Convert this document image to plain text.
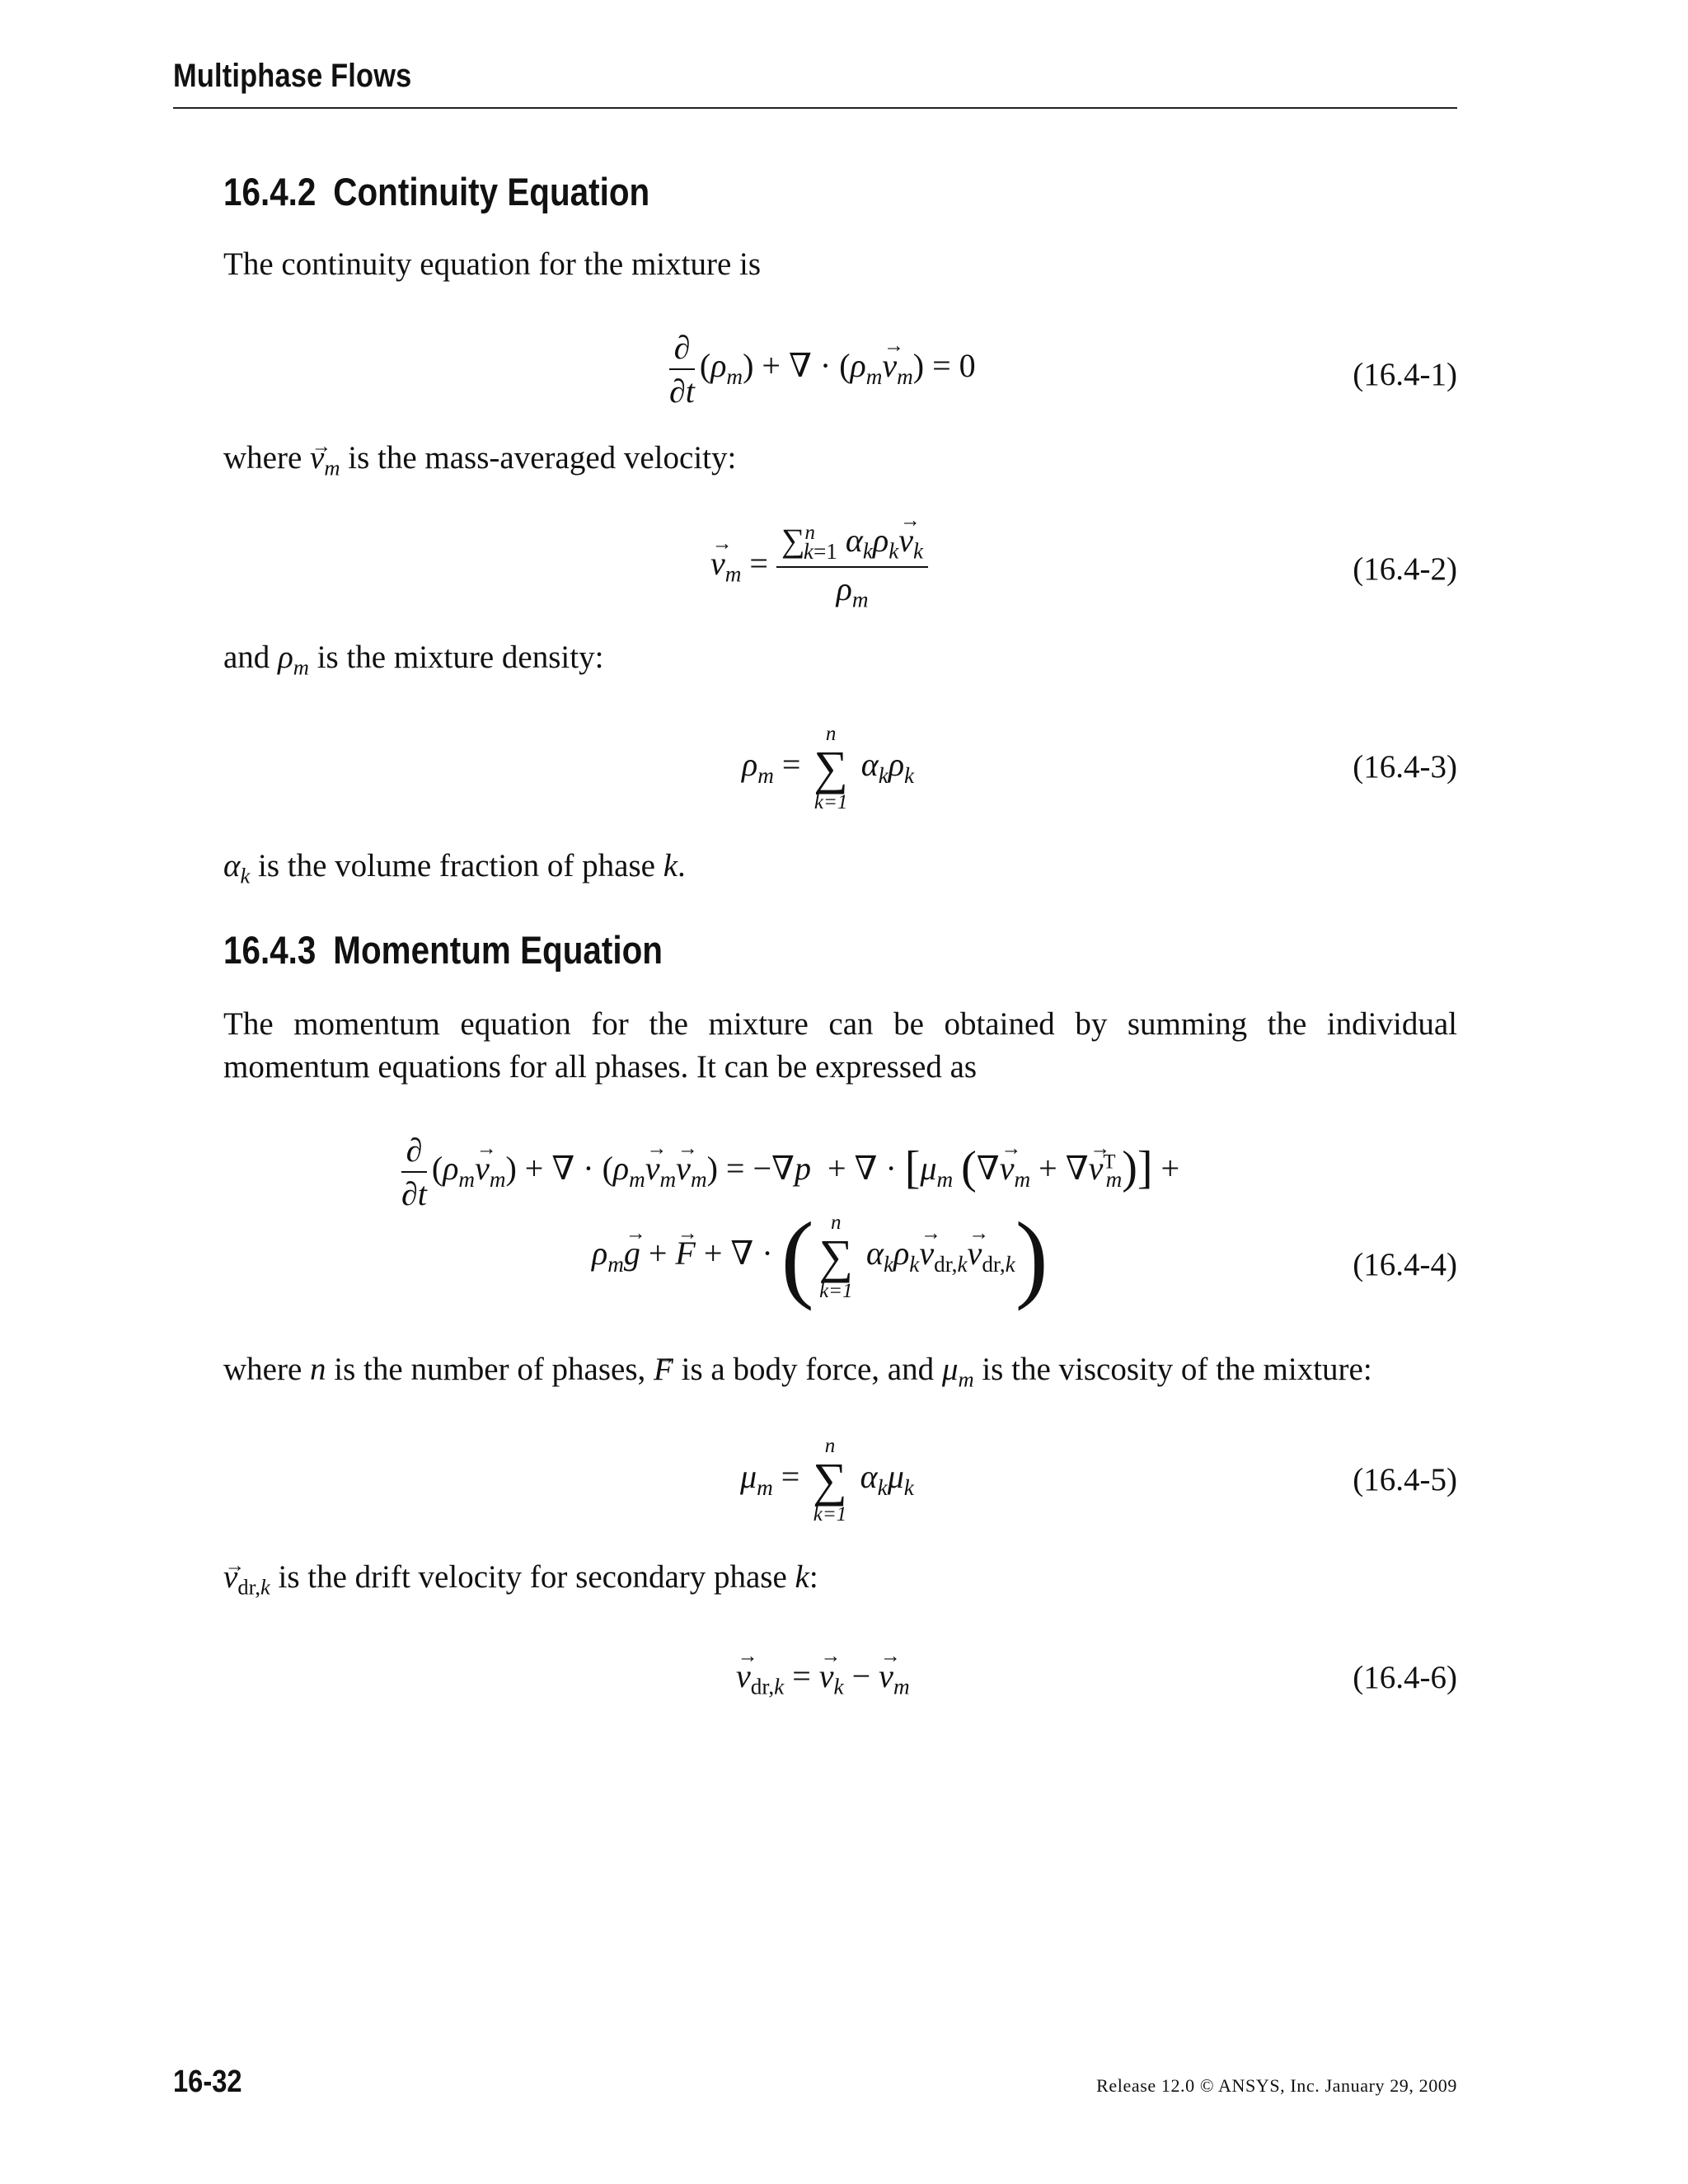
Multiphase Flows
16.4.2 Continuity Equation
The continuity equation for the mixture is
$\frac{\partial}{\partial t} (\rho_m)$ + ∇ · $(\rho_m\to v_m) = 0$	(16.4-1)
where → $v_m$ is the mass-averaged velocity:
→ $v_m = \frac{\sum^n_{k=1} \alpha_k\rho_k\to v_k}{\rho_m}$	(16.4-2)
and $\rho_m$ is the mixture density:
$\rho_m$ =
n
∑
k=1
$\alpha_k\rho_k$	(16.4-3)
$\alpha_k$ is the volume fraction of phase k.
16.4.3 Momentum Equation
The momentum equation for the mixture can be obtained by summing the individual momentum equations for all phases. It can be expressed as
$\frac{\partial}{\partial t} (\rho_m\to v_m)$ + ∇ · $(\rho_m\to v_m\to v_m) = -\nabla p$  + ∇ · [$\mu_m$ (∇→ $v_m$ + ∇→ $v^T_m$)] +
$\rho_m\to g$ + → F + ∇ · ( n
∑
k=1
$\alpha_k\rho_k\to v_{dr,k}\to v_{dr,k}$)	(16.4-4)
where n is the number of phases, → F is a body force, and $\mu_m$ is the viscosity of the mixture:
$\mu_m$ =
n
∑
k=1
$\alpha_k\mu_k$	(16.4-5)
→ $v_{dr,k}$ is the drift velocity for secondary phase k:
→ $v_{dr,k}$ = → $v_k$ − → $v_m$	(16.4-6)
16-32	Release 12.0 © ANSYS, Inc. January 29, 2009
